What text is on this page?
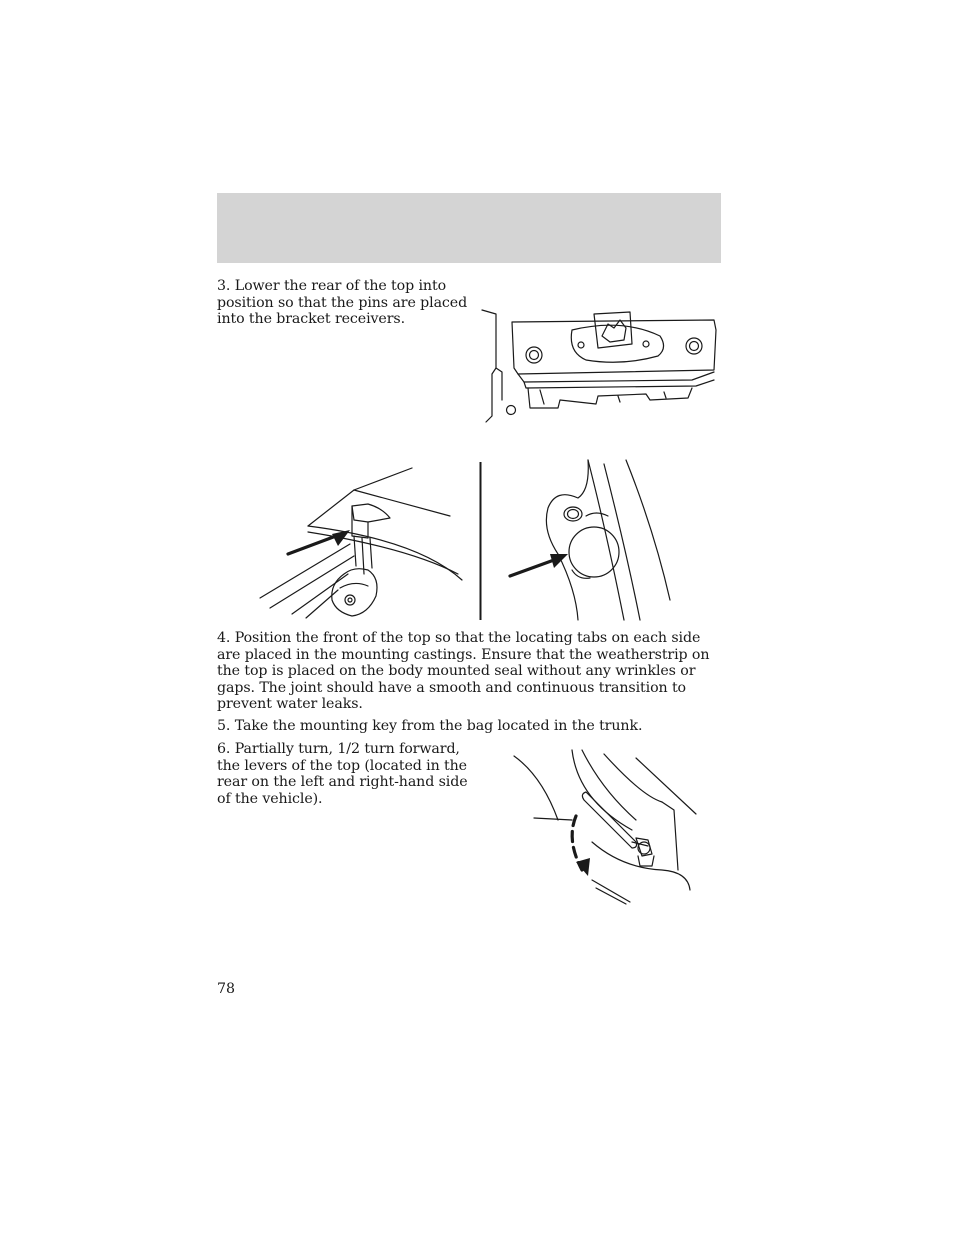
3. Lower the rear of the top into position so that the pins are placed into the bracket receivers.

4. Position the front of the top so that the locating tabs on each side are placed in the mounting castings. Ensure that the weatherstrip on the top is placed on the body mounted seal without any wrinkles or gaps. The joint should have a smooth and continuous transition to prevent water leaks.

5. Take the mounting key from the bag located in the trunk.

6. Partially turn, 1/2 turn forward, the levers of the top (located in the rear on the left and right-hand side of the vehicle).

78
